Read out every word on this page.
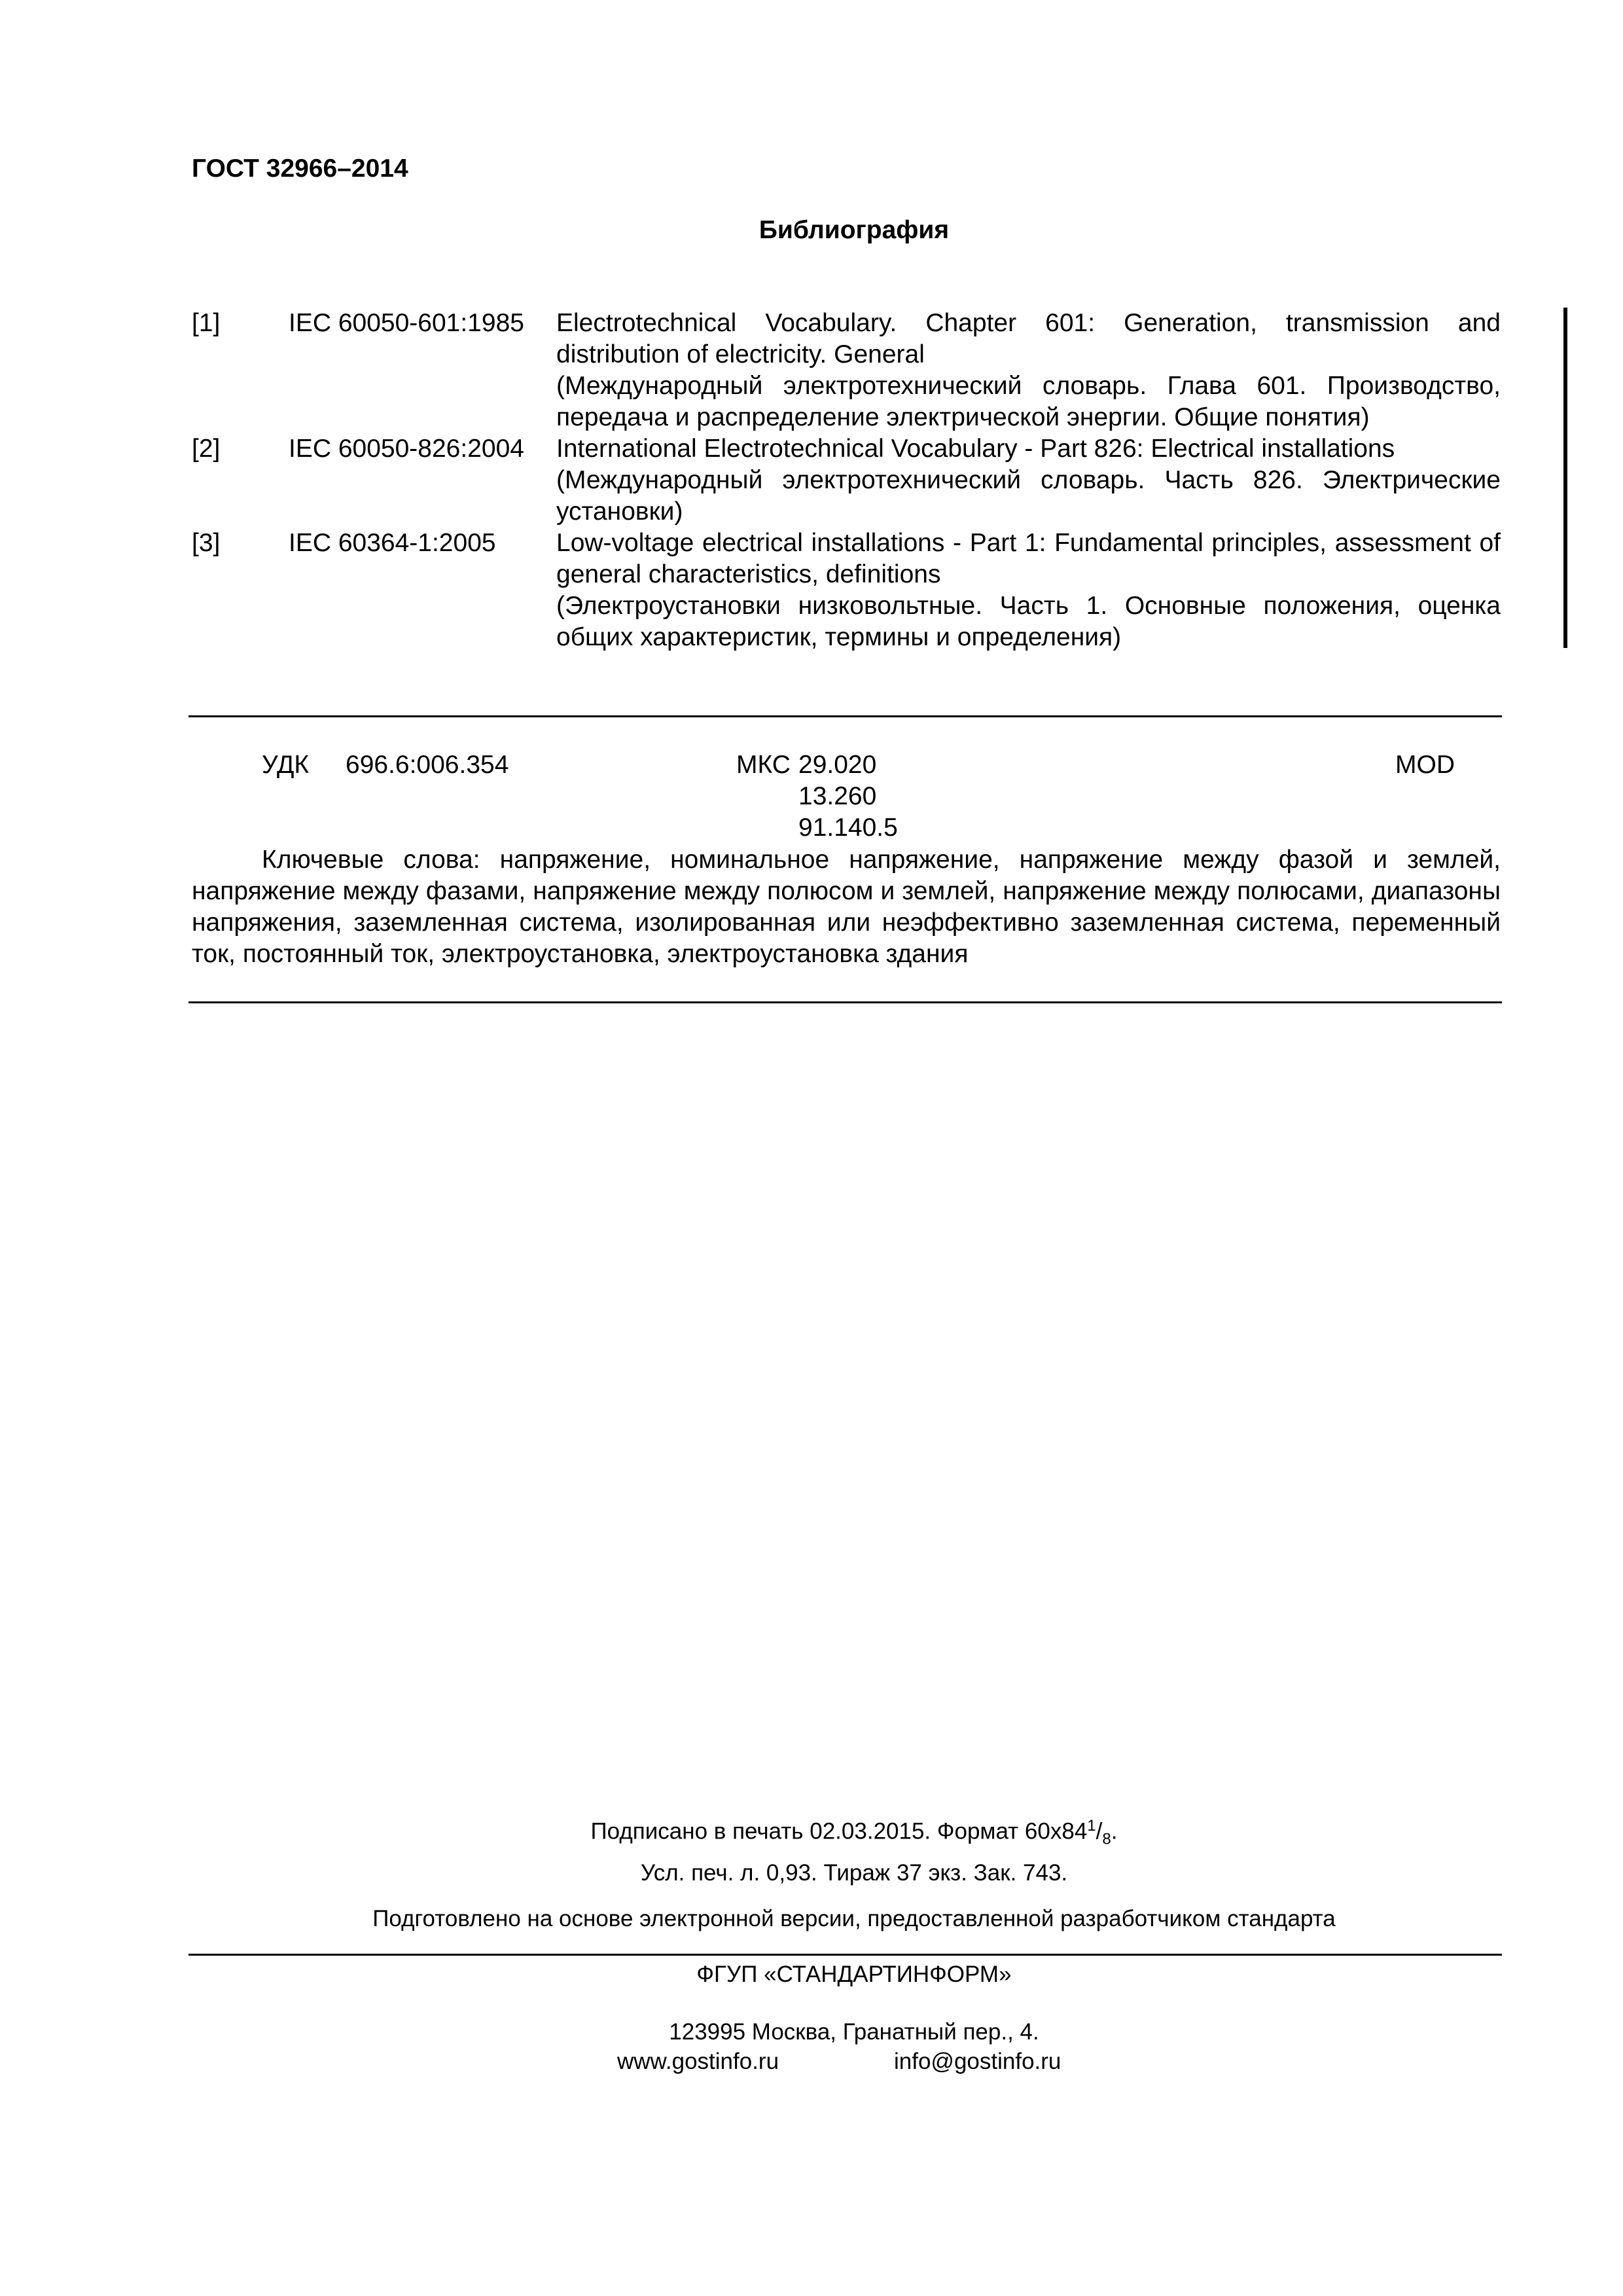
ГОСТ 32966–2014
Библиография
[1]	IEC 60050-601:1985 Electrotechnical Vocabulary. Chapter 601: Generation, transmission and distribution of electricity. General
(Международный электротехнический словарь. Глава 601. Производство, передача и распределение электрической энергии. Общие понятия)
[2]	IEC 60050-826:2004 International Electrotechnical Vocabulary - Part 826: Electrical installations
(Международный электротехнический словарь. Часть 826. Электрические установки)
[3]	IEC 60364-1:2005 Low-voltage electrical installations - Part 1: Fundamental principles, assessment of general characteristics, definitions
(Электроустановки низковольтные. Часть 1. Основные положения, оценка общих характеристик, термины и определения)
УДК 696.6:006.354	МКС 29.020
13.260
91.140.5
MOD
Ключевые слова: напряжение, номинальное напряжение, напряжение между фазой и землей, напряжение между фазами, напряжение между полюсом и землей, напряжение между полюсами, диапазоны напряжения, заземленная система, изолированная или неэффективно заземленная система, переменный ток, постоянный ток, электроустановка, электроустановка здания
Подписано в печать 02.03.2015. Формат $60х84^1/_8$.
Усл. печ. л. 0,93. Тираж 37 экз. Зак. 743.
Подготовлено на основе электронной версии, предоставленной разработчиком стандарта
ФГУП «СТАНДАРТИНФОРМ»
123995 Москва, Гранатный пер., 4.
www.gostinfo.ru	info@gostinfo.ru
